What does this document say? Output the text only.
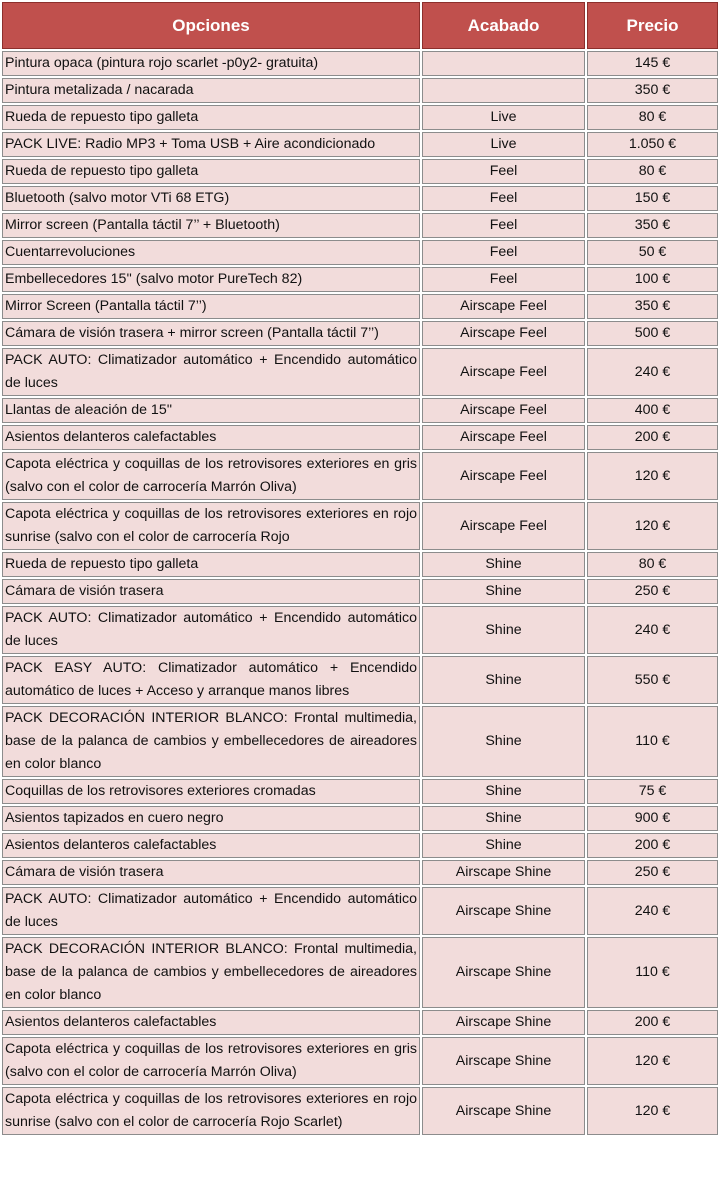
Opciones	Acabado	Precio
Pintura opaca (pintura rojo scarlet -p0y2- gratuita)		145 €
Pintura metalizada / nacarada		350 €
Rueda de repuesto tipo galleta	Live	80 €
PACK LIVE: Radio MP3 + Toma USB + Aire acondicionado	Live	1.050 €
Rueda de repuesto tipo galleta	Feel	80 €
Bluetooth (salvo motor VTi 68 ETG)	Feel	150 €
Mirror screen (Pantalla táctil 7’’ + Bluetooth)	Feel	350 €
Cuentarrevoluciones	Feel	50 €
Embellecedores 15'' (salvo motor PureTech 82)	Feel	100 €
Mirror Screen (Pantalla táctil 7’’)	Airscape Feel	350 €
Cámara de visión trasera + mirror screen (Pantalla táctil 7’’)	Airscape Feel	500 €
PACK AUTO: Climatizador automático + Encendido automático de luces	Airscape Feel	240 €
Llantas de aleación de 15''	Airscape Feel	400 €
Asientos delanteros calefactables	Airscape Feel	200 €
Capota eléctrica y coquillas de los retrovisores exteriores en gris (salvo con el color de carrocería Marrón Oliva)	Airscape Feel	120 €
Capota eléctrica y coquillas de los retrovisores exteriores en rojo sunrise (salvo con el color de carrocería Rojo	Airscape Feel	120 €
Rueda de repuesto tipo galleta	Shine	80 €
Cámara de visión trasera	Shine	250 €
PACK AUTO: Climatizador automático + Encendido automático de luces	Shine	240 €
PACK EASY AUTO: Climatizador automático + Encendido automático de luces + Acceso y arranque manos libres	Shine	550 €
PACK DECORACIÓN INTERIOR BLANCO: Frontal multimedia, base de la palanca de cambios y embellecedores de aireadores en color blanco	Shine	110 €
Coquillas de los retrovisores exteriores cromadas	Shine	75 €
Asientos tapizados en cuero negro	Shine	900 €
Asientos delanteros calefactables	Shine	200 €
Cámara de visión trasera	Airscape Shine	250 €
PACK AUTO: Climatizador automático + Encendido automático de luces	Airscape Shine	240 €
PACK DECORACIÓN INTERIOR BLANCO: Frontal multimedia, base de la palanca de cambios y embellecedores de aireadores en color blanco	Airscape Shine	110 €
Asientos delanteros calefactables	Airscape Shine	200 €
Capota eléctrica y coquillas de los retrovisores exteriores en gris (salvo con el color de carrocería Marrón Oliva)	Airscape Shine	120 €
Capota eléctrica y coquillas de los retrovisores exteriores en rojo sunrise (salvo con el color de carrocería Rojo Scarlet)	Airscape Shine	120 €
